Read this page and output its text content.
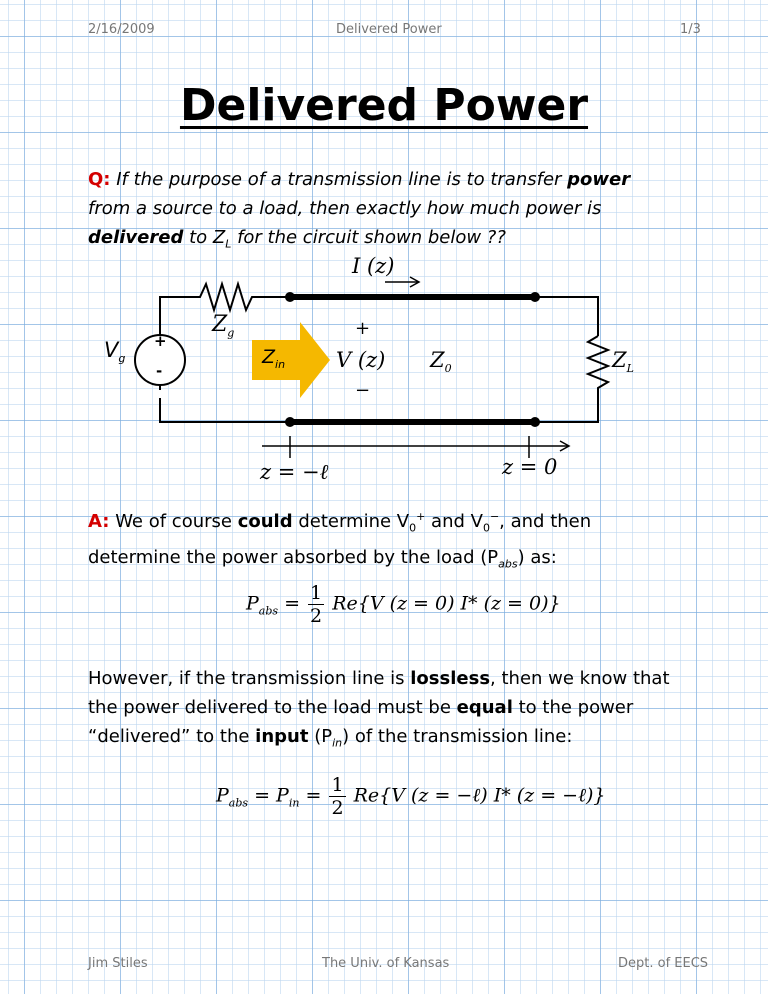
2/16/2009	Delivered Power	1/3
Delivered Power
Q: If the purpose of a transmission line is to transfer power
from a source to a load, then exactly how much power is
delivered to $Z_L$ for the circuit shown below ??
I (z)
$V_g$
+
-
$Z_g$
$Z_{in}$
+
V (z)
−
$Z_0$	$Z_L$
z = −ℓ	z = 0
A: We of course could determine $V_0^+$ and $V_0^-$, and then
determine the power absorbed by the load $(P_{abs})$ as:
$P_{abs} = \frac{1}{2} Re\{V$ (z = 0) I* (z = 0)}
However, if the transmission line is lossless, then we know that
the power delivered to the load must be equal to the power
“delivered” to the input $(P_{in})$ of the transmission line:
$P_{abs} = P_{in} = \frac{1}{2} Re\{V$ (z = −ℓ) I* (z = −ℓ)}
Jim Stiles	The Univ. of Kansas	Dept. of EECS
